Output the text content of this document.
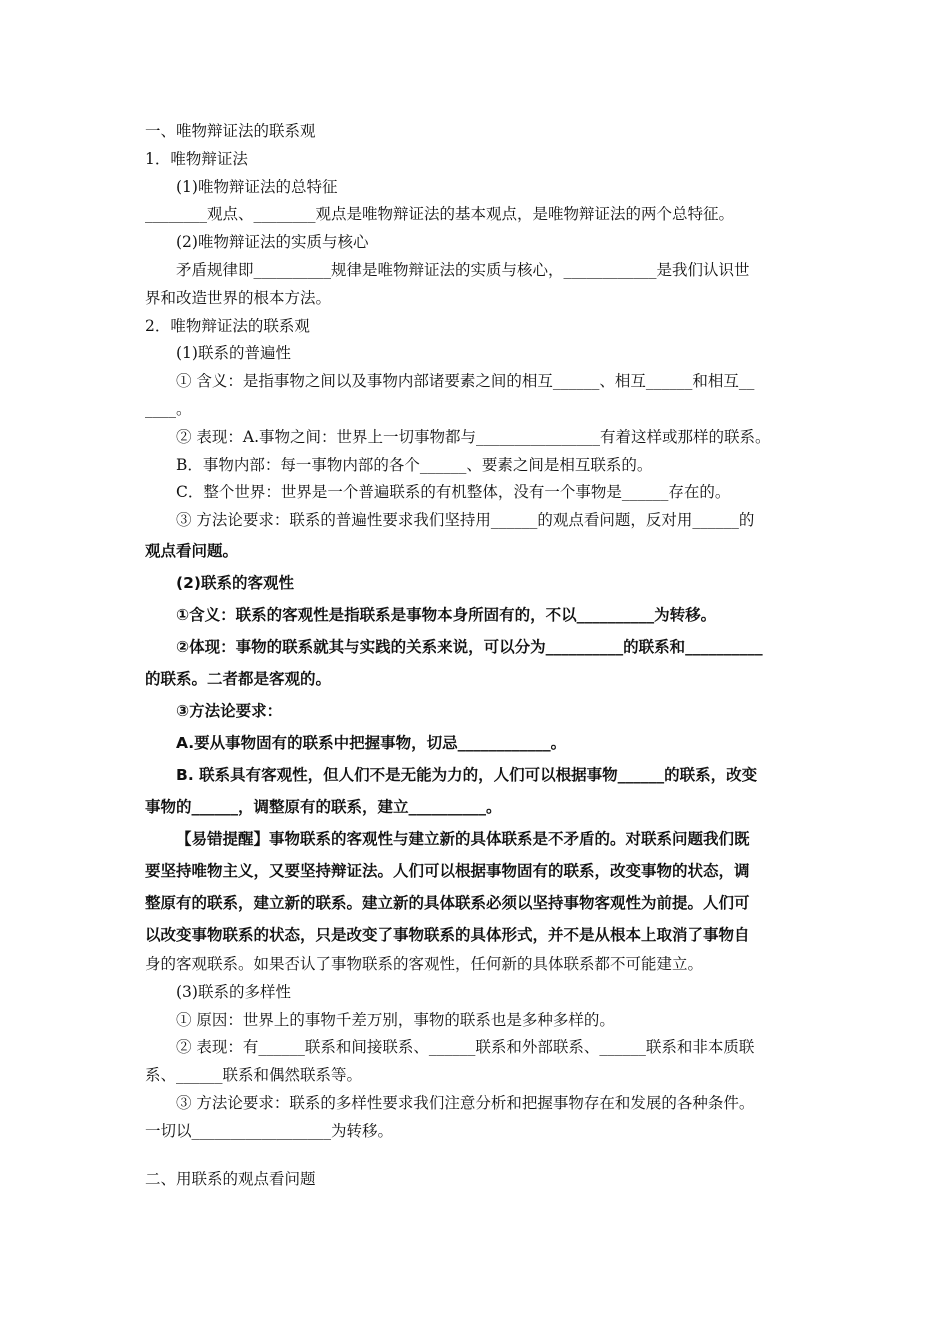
一、唯物辩证法的联系观
1．唯物辩证法
(1)唯物辩证法的总特征
________观点、________观点是唯物辩证法的基本观点，是唯物辩证法的两个总特征。
(2)唯物辩证法的实质与核心
矛盾规律即__________规律是唯物辩证法的实质与核心，____________是我们认识世
界和改造世界的根本方法。
2．唯物辩证法的联系观
(1)联系的普遍性
① 含义：是指事物之间以及事物内部诸要素之间的相互______、相互______和相互__
____。
② 表现：A.事物之间：世界上一切事物都与________________有着这样或那样的联系。
B．事物内部：每一事物内部的各个______、要素之间是相互联系的。
C．整个世界：世界是一个普遍联系的有机整体，没有一个事物是______存在的。
③ 方法论要求：联系的普遍性要求我们坚持用______的观点看问题，反对用______的
观点看问题。
(2)联系的客观性
①含义：联系的客观性是指联系是事物本身所固有的，不以__________为转移。
②体现：事物的联系就其与实践的关系来说，可以分为__________的联系和__________
的联系。二者都是客观的。
③方法论要求：
A.要从事物固有的联系中把握事物，切忌____________。
B. 联系具有客观性，但人们不是无能为力的，人们可以根据事物______的联系，改变
事物的______，调整原有的联系，建立__________。
【易错提醒】事物联系的客观性与建立新的具体联系是不矛盾的。对联系问题我们既
要坚持唯物主义，又要坚持辩证法。人们可以根据事物固有的联系，改变事物的状态，调
整原有的联系，建立新的联系。建立新的具体联系必须以坚持事物客观性为前提。人们可
以改变事物联系的状态，只是改变了事物联系的具体形式，并不是从根本上取消了事物自
身的客观联系。如果否认了事物联系的客观性，任何新的具体联系都不可能建立。
(3)联系的多样性
① 原因：世界上的事物千差万别，事物的联系也是多种多样的。
② 表现：有______联系和间接联系、______联系和外部联系、______联系和非本质联
系、______联系和偶然联系等。
③ 方法论要求：联系的多样性要求我们注意分析和把握事物存在和发展的各种条件。
一切以__________________为转移。
二、用联系的观点看问题
